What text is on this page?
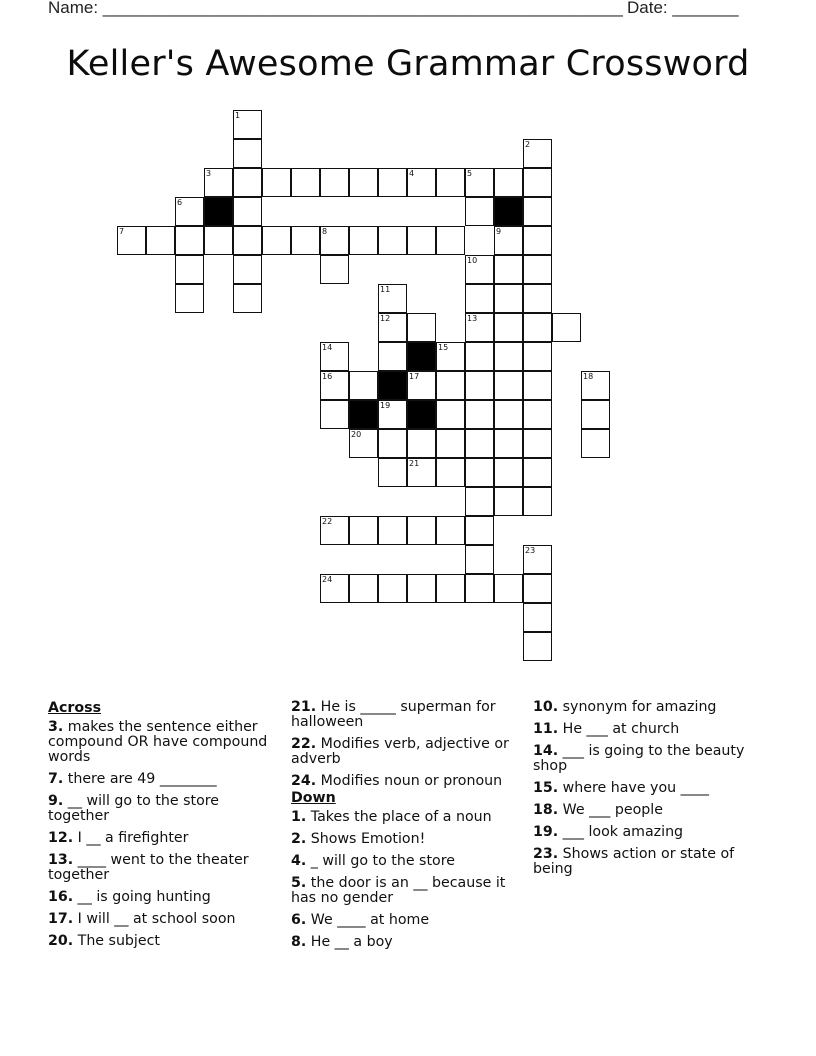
Name: _______________________________________________________ Date: _______
Keller's Awesome Grammar Crossword
1
3	4	5
2
6
7	8	9
10
13
11
12
14
16
15
17
21
19
20
18
22
23
24
Across
3. makes the sentence either compound OR have compound words
7. there are 49 ________
9. __ will go to the store together
12. I __ a firefighter
13. ____ went to the theater together
16. __ is going hunting
17. I will __ at school soon
20. The subject
21. He is _____ superman for halloween
22. Modifies verb, adjective or adverb
24. Modifies noun or pronoun
Down
1. Takes the place of a noun
2. Shows Emotion!
4. _ will go to the store
5. the door is an __ because it has no gender
6. We ____ at home
8. He __ a boy
10. synonym for amazing
11. He ___ at church
14. ___ is going to the beauty shop
15. where have you ____
18. We ___ people
19. ___ look amazing
23. Shows action or state of being
